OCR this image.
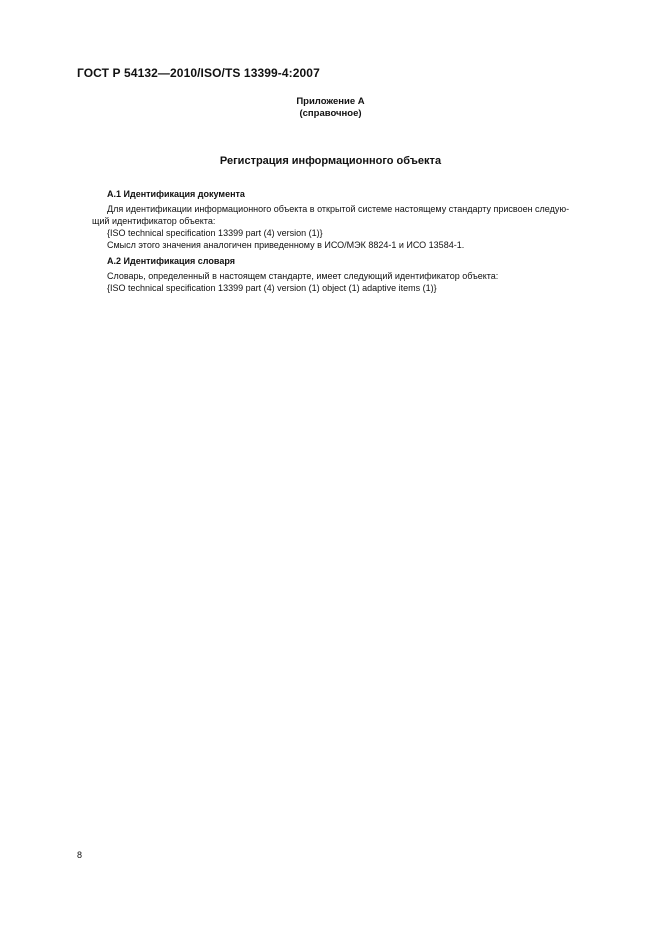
ГОСТ Р 54132—2010/ISO/TS 13399-4:2007
Приложение А
(справочное)
Регистрация информационного объекта
А.1 Идентификация документа
Для идентификации информационного объекта в открытой системе настоящему стандарту присвоен следую-
щий идентификатор объекта:
{ISO technical specification 13399 part (4) version (1)}
Смысл этого значения аналогичен приведенному в ИСО/МЭК 8824-1 и ИСО 13584-1.
А.2 Идентификация словаря
Словарь, определенный в настоящем стандарте, имеет следующий идентификатор объекта:
{ISO technical specification 13399 part (4) version (1) object (1) adaptive items (1)}
8
